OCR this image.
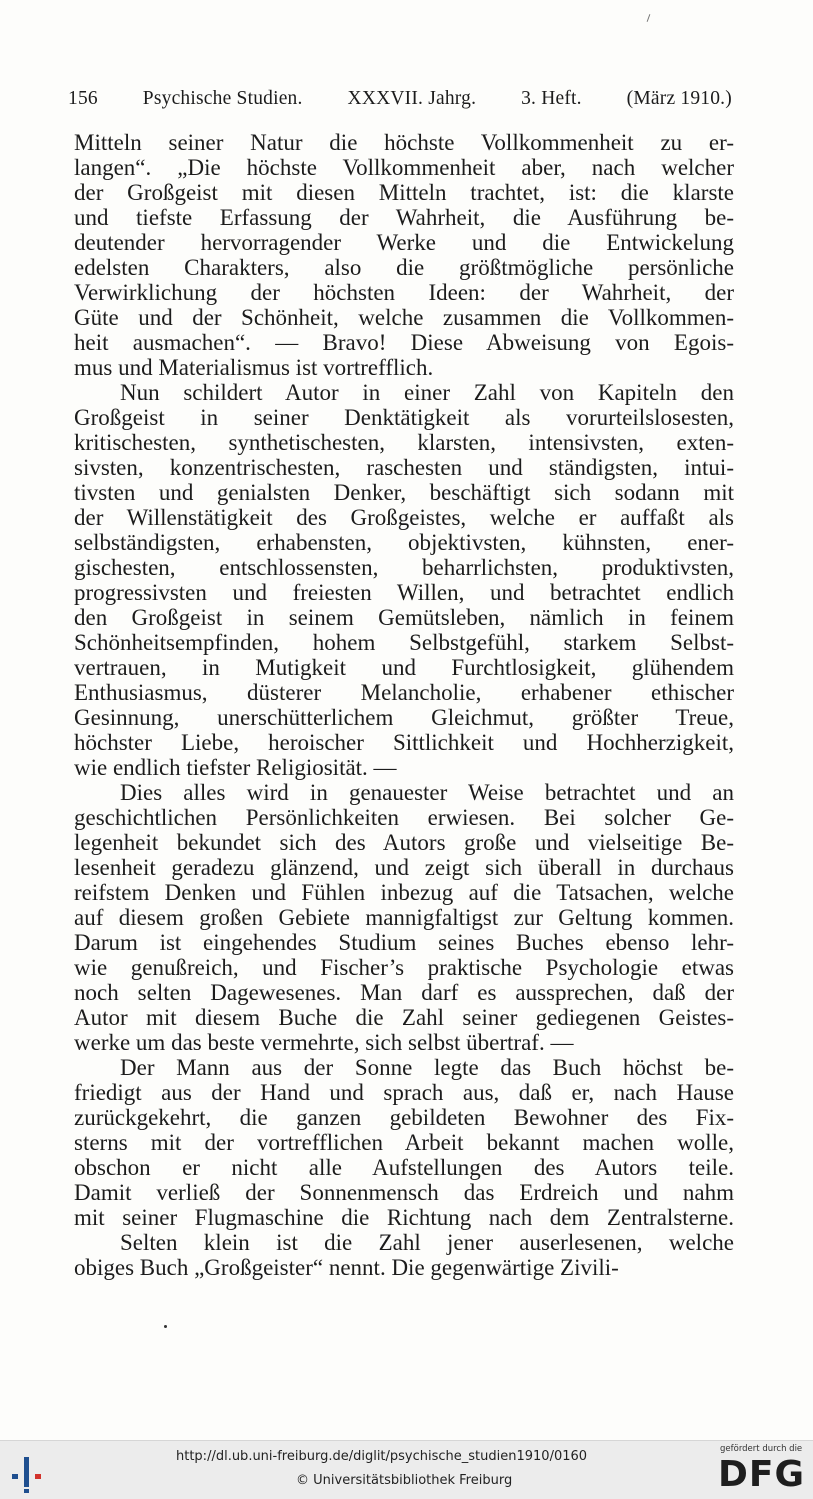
156 Psychische Studien. XXXVII. Jahrg. 3. Heft. (März 1910.)
Mitteln seiner Natur die höchste Vollkommenheit zu er-
langen“. „Die höchste Vollkommenheit aber, nach welcher
der Großgeist mit diesen Mitteln trachtet, ist: die klarste
und tiefste Erfassung der Wahrheit, die Ausführung be-
deutender hervorragender Werke und die Entwickelung
edelsten Charakters, also die größtmögliche persönliche
Verwirklichung der höchsten Ideen: der Wahrheit, der
Güte und der Schönheit, welche zusammen die Vollkommen-
heit ausmachen“. — Bravo! Diese Abweisung von Egois-
mus und Materialismus ist vortrefflich.
Nun schildert Autor in einer Zahl von Kapiteln den
Großgeist in seiner Denktätigkeit als vorurteilslosesten,
kritischesten, synthetischesten, klarsten, intensivsten, exten-
sivsten, konzentrischesten, raschesten und ständigsten, intui-
tivsten und genialsten Denker, beschäftigt sich sodann mit
der Willenstätigkeit des Großgeistes, welche er auffaßt als
selbständigsten, erhabensten, objektivsten, kühnsten, ener-
gischesten, entschlossensten, beharrlichsten, produktivsten,
progressivsten und freiesten Willen, und betrachtet endlich
den Großgeist in seinem Gemütsleben, nämlich in feinem
Schönheitsempfinden, hohem Selbstgefühl, starkem Selbst-
vertrauen, in Mutigkeit und Furchtlosigkeit, glühendem
Enthusiasmus, düsterer Melancholie, erhabener ethischer
Gesinnung, unerschütterlichem Gleichmut, größter Treue,
höchster Liebe, heroischer Sittlichkeit und Hochherzigkeit,
wie endlich tiefster Religiosität. —
Dies alles wird in genauester Weise betrachtet und an
geschichtlichen Persönlichkeiten erwiesen. Bei solcher Ge-
legenheit bekundet sich des Autors große und vielseitige Be-
lesenheit geradezu glänzend, und zeigt sich überall in durchaus
reifstem Denken und Fühlen inbezug auf die Tatsachen, welche
auf diesem großen Gebiete mannigfaltigst zur Geltung kommen.
Darum ist eingehendes Studium seines Buches ebenso lehr-
wie genußreich, und Fischer’s praktische Psychologie etwas
noch selten Dagewesenes. Man darf es aussprechen, daß der
Autor mit diesem Buche die Zahl seiner gediegenen Geistes-
werke um das beste vermehrte, sich selbst übertraf. —
Der Mann aus der Sonne legte das Buch höchst be-
friedigt aus der Hand und sprach aus, daß er, nach Hause
zurückgekehrt, die ganzen gebildeten Bewohner des Fix-
sterns mit der vortrefflichen Arbeit bekannt machen wolle,
obschon er nicht alle Aufstellungen des Autors teile.
Damit verließ der Sonnenmensch das Erdreich und nahm
mit seiner Flugmaschine die Richtung nach dem Zentralsterne.
Selten klein ist die Zahl jener auserlesenen, welche
obiges Buch „Großgeister“ nennt. Die gegenwärtige Zivili-
http://dl.ub.uni-freiburg.de/diglit/psychische_studien1910/0160
© Universitätsbibliothek Freiburg
gefördert durch die
DFG
